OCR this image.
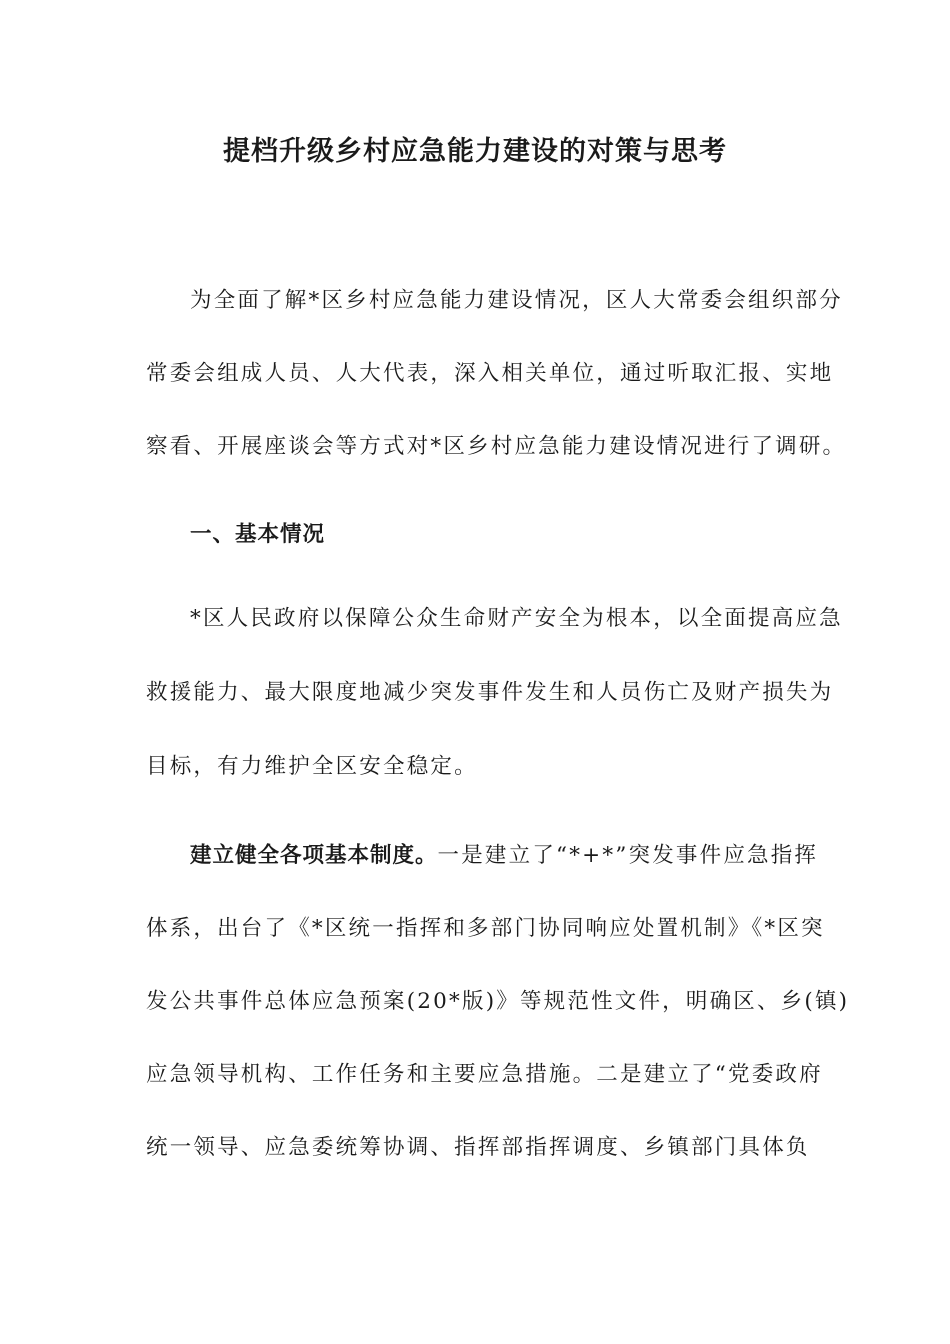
提档升级乡村应急能力建设的对策与思考

为全面了解*区乡村应急能力建设情况，区人大常委会组织部分

常委会组成人员、人大代表，深入相关单位，通过听取汇报、实地

察看、开展座谈会等方式对*区乡村应急能力建设情况进行了调研。

一、基本情况

*区人民政府以保障公众生命财产安全为根本，以全面提高应急

救援能力、最大限度地减少突发事件发生和人员伤亡及财产损失为

目标，有力维护全区安全稳定。

建立健全各项基本制度。一是建立了“*+*”突发事件应急指挥

体系，出台了《*区统一指挥和多部门协同响应处置机制》《*区突

发公共事件总体应急预案(20*版)》等规范性文件，明确区、乡(镇)

应急领导机构、工作任务和主要应急措施。二是建立了“党委政府

统一领导、应急委统筹协调、指挥部指挥调度、乡镇部门具体负
